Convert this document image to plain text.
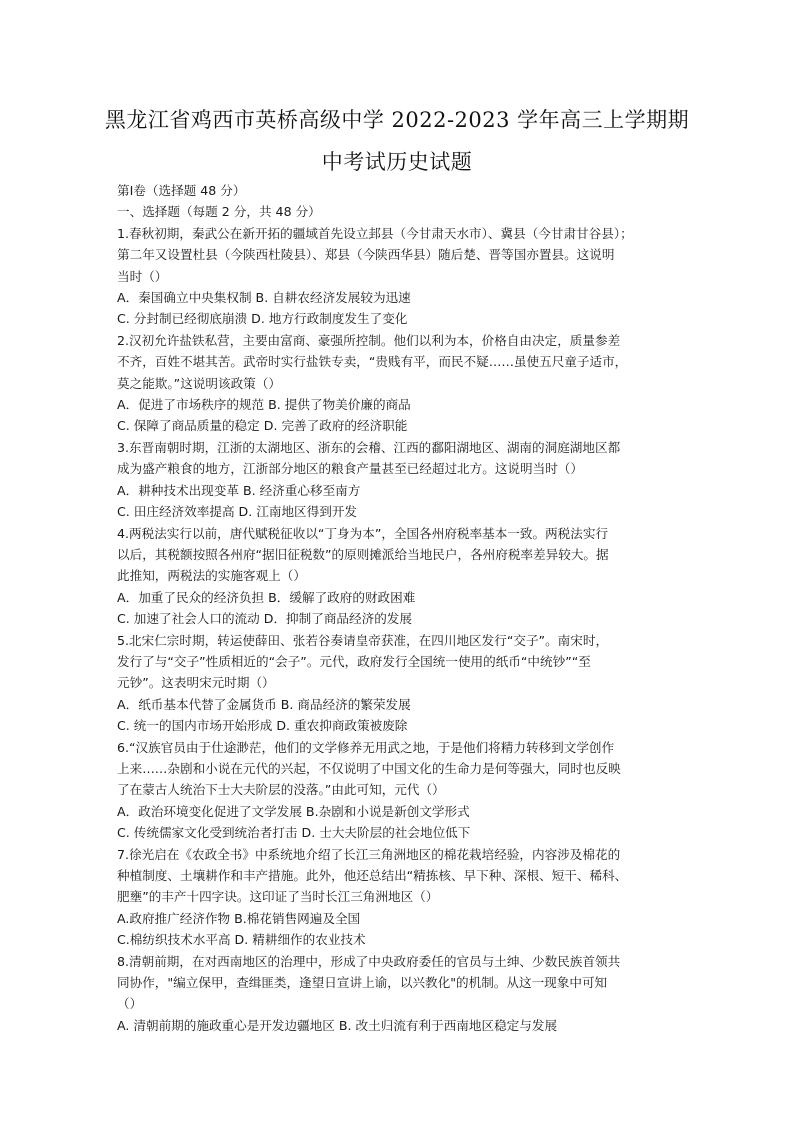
黑龙江省鸡西市英桥高级中学 2022-2023 学年高三上学期期
中考试历史试题
第Ⅰ卷（选择题 48 分）
一、选择题（每题 2 分，共 48 分）
1.春秋初期，秦武公在新开拓的疆域首先设立邽县（今甘肃天水市）、冀县（今甘肃甘谷县）；
第二年又设置杜县（今陕西杜陵县）、郑县（今陕西华县）随后楚、晋等国亦置县。这说明
当时（）
A．秦国确立中央集权制 B. 自耕农经济发展较为迅速
C. 分封制已经彻底崩溃 D. 地方行政制度发生了变化
2.汉初允许盐铁私营，主要由富商、豪强所控制。他们以利为本，价格自由决定，质量参差
不齐，百姓不堪其苦。武帝时实行盐铁专卖，“贵贱有平，而民不疑……虽使五尺童子适市，
莫之能欺。”这说明该政策（）
A．促进了市场秩序的规范 B. 提供了物美价廉的商品
C. 保障了商品质量的稳定 D. 完善了政府的经济职能
3.东晋南朝时期，江浙的太湖地区、浙东的会稽、江西的鄱阳湖地区、湖南的洞庭湖地区都
成为盛产粮食的地方，江浙部分地区的粮食产量甚至已经超过北方。这说明当时（）
A．耕种技术出现变革 B. 经济重心移至南方
C. 田庄经济效率提高 D. 江南地区得到开发
4.两税法实行以前，唐代赋税征收以“丁身为本”，全国各州府税率基本一致。两税法实行
以后，其税额按照各州府“据旧征税数”的原则摊派给当地民户，各州府税率差异较大。据
此推知，两税法的实施客观上（）
A．加重了民众的经济负担 B．缓解了政府的财政困难
C. 加速了社会人口的流动 D．抑制了商品经济的发展
5.北宋仁宗时期，转运使薛田、张若谷奏请皇帝获准，在四川地区发行“交子”。南宋时，
发行了与“交子”性质相近的“会子”。元代，政府发行全国统一使用的纸币“中统钞”“至
元钞”。这表明宋元时期（）
A．纸币基本代替了金属货币 B. 商品经济的繁荣发展
C. 统一的国内市场开始形成 D. 重农抑商政策被废除
6.“汉族官员由于仕途渺茫，他们的文学修养无用武之地，于是他们将精力转移到文学创作
上来……杂剧和小说在元代的兴起，不仅说明了中国文化的生命力是何等强大，同时也反映
了在蒙古人统治下士大夫阶层的没落。”由此可知，元代（）
A．政治环境变化促进了文学发展 B.杂剧和小说是新创文学形式
C. 传统儒家文化受到统治者打击 D. 士大夫阶层的社会地位低下
7.徐光启在《农政全书》中系统地介绍了长江三角洲地区的棉花栽培经验，内容涉及棉花的
种植制度、土壤耕作和丰产措施。此外，他还总结出“精拣核、早下种、深根、短干、稀科、
肥壅”的丰产十四字诀。这印证了当时长江三角洲地区（）
A.政府推广经济作物 B.棉花销售网遍及全国
C.棉纺织技术水平高 D. 精耕细作的农业技术
8.清朝前期，在对西南地区的治理中，形成了中央政府委任的官员与土绅、少数民族首领共
同协作，"编立保甲，查缉匪类，逢望日宣讲上谕，以兴教化"的机制。从这一现象中可知
（）
A. 清朝前期的施政重心是开发边疆地区 B. 改土归流有利于西南地区稳定与发展
